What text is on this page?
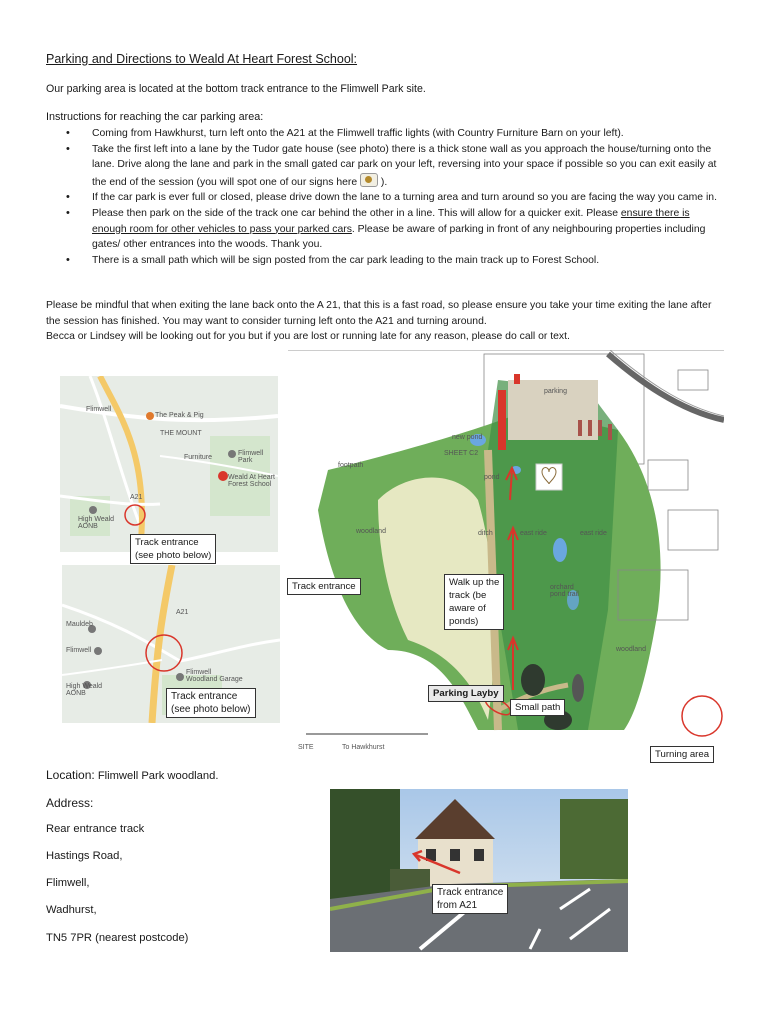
Parking and Directions to Weald At Heart Forest School:
Our parking area is located at the bottom track entrance to the Flimwell Park site.
Instructions for reaching the car parking area:
• Coming from Hawkhurst, turn left onto the A21 at the Flimwell traffic lights (with Country Furniture Barn on your left).
• Take the first left into a lane by the Tudor gate house (see photo) there is a thick stone wall as you approach the house/turning onto the lane. Drive along the lane and park in the small gated car park on your left, reversing into your space if possible so you can exit easily at the end of the session (you will spot one of our signs here ).
• If the car park is ever full or closed, please drive down the lane to a turning area and turn around so you are facing the way you came in.
• Please then park on the side of the track one car behind the other in a line. This will allow for a quicker exit. Please ensure there is enough room for other vehicles to pass your parked cars. Please be aware of parking in front of any neighbouring properties including gates/ other entrances into the woods. Thank you.
• There is a small path which will be sign posted from the car park leading to the main track up to Forest School.
Please be mindful that when exiting the lane back onto the A 21, that this is a fast road, so please ensure you take your time exiting the lane after the session has finished. You may want to consider turning left onto the A21 and turning around.
Becca or Lindsey will be looking out for you but if you are lost or running late for any reason, please do call or text.
The Peak & Pig
THE MOUNT
Flimwell Park
Weald At Heart
Forest School
High Weald
AONB
Furniture
Flimwell
A21
Track entrance
(see photo below)
Mauldeb
Flimwell
High Weald
AONB
Flimwell
Woodland Garage
A21
Track entrance
(see photo below)
parking
new pond
SHEET C2
pond
footpath
woodland	ditch	east ride	east ride
orchard
pond trail
woodland
SITE	To Hawkhurst
Track entrance	Walk up the
track (be
aware of
ponds)
Parking Layby
Small path
Turning area
Location: Flimwell Park woodland.
Address:
Rear entrance track
Hastings Road,
Flimwell,
Wadhurst,
TN5 7PR (nearest postcode)
Track entrance
from A21
